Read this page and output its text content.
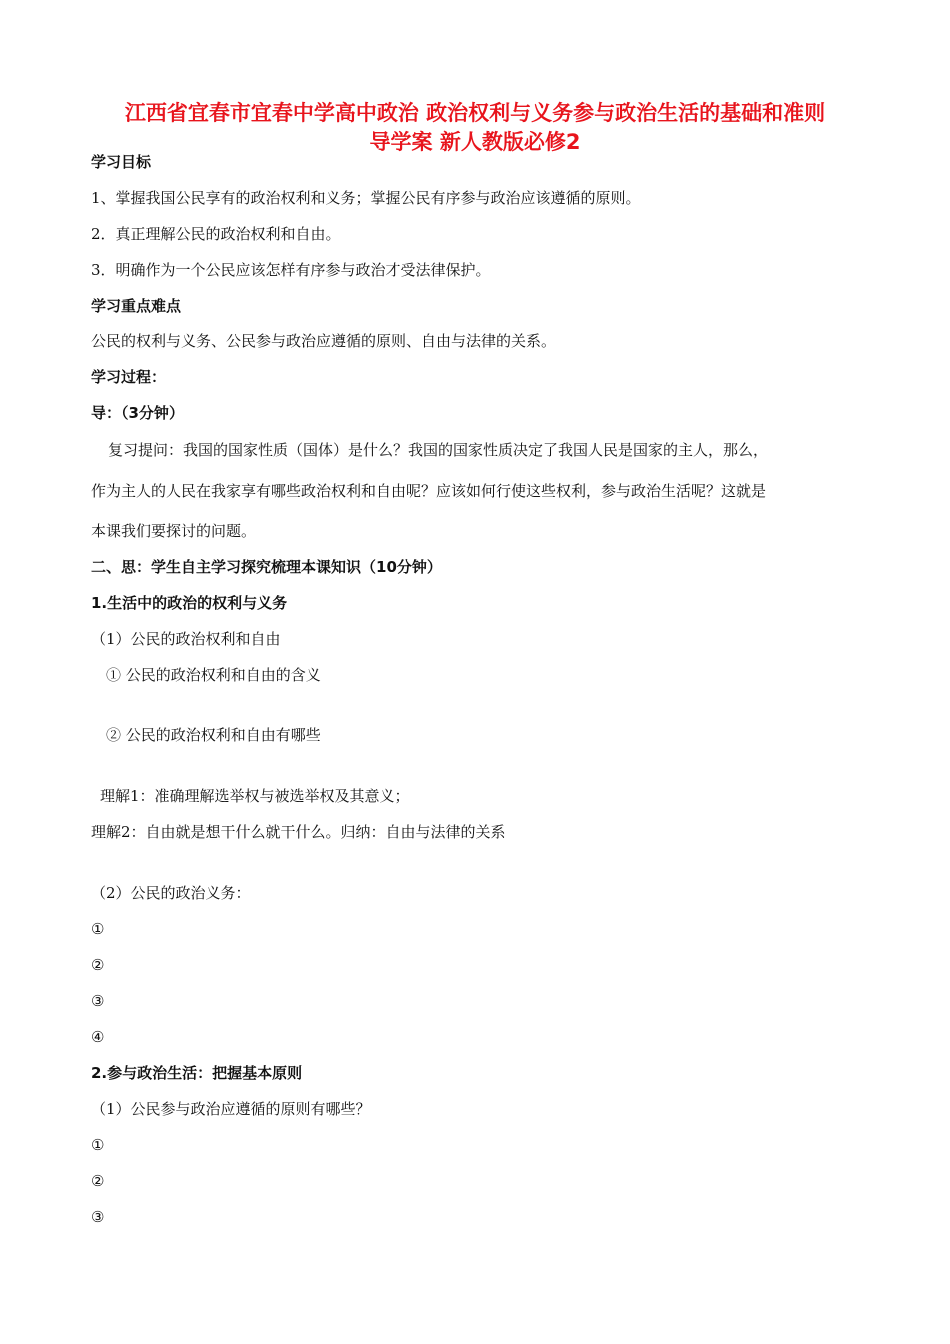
江西省宜春市宜春中学高中政治 政治权利与义务参与政治生活的基础和准则
导学案 新人教版必修2
学习目标
1、掌握我国公民享有的政治权利和义务；掌握公民有序参与政治应该遵循的原则。
2．真正理解公民的政治权利和自由。
3．明确作为一个公民应该怎样有序参与政治才受法律保护。
学习重点难点
公民的权利与义务、公民参与政治应遵循的原则、自由与法律的关系。
学习过程：
导：（3分钟）
复习提问：我国的国家性质（国体）是什么？我国的国家性质决定了我国人民是国家的主人，那么，
作为主人的人民在我家享有哪些政治权利和自由呢？应该如何行使这些权利，参与政治生活呢？这就是
本课我们要探讨的问题。
二、思：学生自主学习探究梳理本课知识（10分钟）
1.生活中的政治的权利与义务
（1）公民的政治权利和自由
① 公民的政治权利和自由的含义
② 公民的政治权利和自由有哪些
理解1：准确理解选举权与被选举权及其意义；
理解2：自由就是想干什么就干什么。归纳：自由与法律的关系
（2）公民的政治义务：
①
②
③
④
2.参与政治生活：把握基本原则
（1）公民参与政治应遵循的原则有哪些？
①
②
③
